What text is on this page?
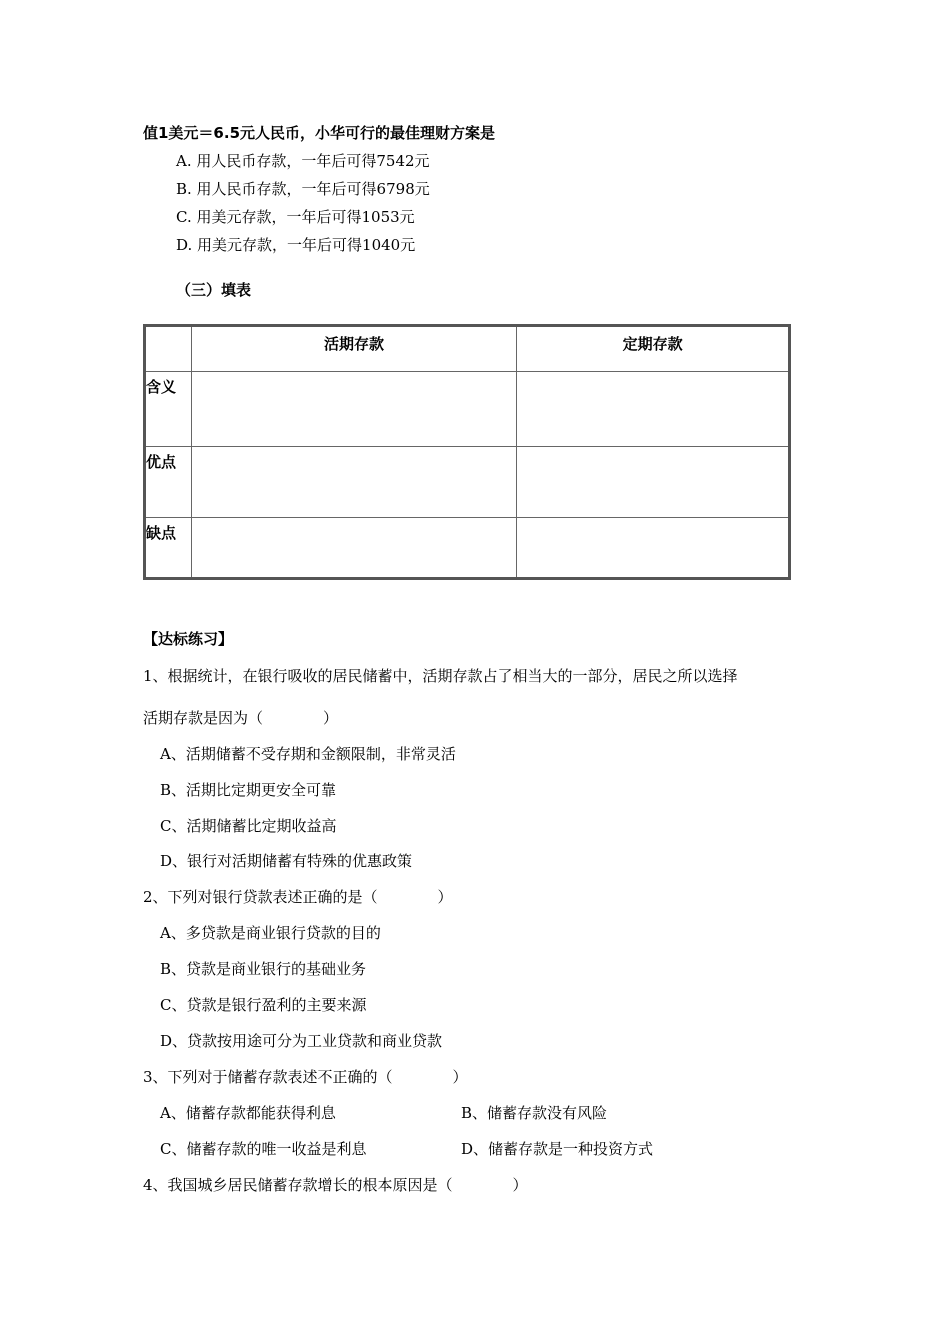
值1美元＝6.5元人民币，小华可行的最佳理财方案是
A. 用人民币存款，一年后可得7542元
B. 用人民币存款，一年后可得6798元
C. 用美元存款，一年后可得1053元
D. 用美元存款，一年后可得1040元
（三）填表
	活期存款	定期存款
含义		
优点		
缺点		
【达标练习】
1、根据统计，在银行吸收的居民储蓄中，活期存款占了相当大的一部分，居民之所以选择
活期存款是因为（　　　　）
A、活期储蓄不受存期和金额限制，非常灵活
B、活期比定期更安全可靠
C、活期储蓄比定期收益高
D、银行对活期储蓄有特殊的优惠政策
2、下列对银行贷款表述正确的是（　　　　）
A、多贷款是商业银行贷款的目的
B、贷款是商业银行的基础业务
C、贷款是银行盈利的主要来源
D、贷款按用途可分为工业贷款和商业贷款
3、下列对于储蓄存款表述不正确的（　　　　）
A、储蓄存款都能获得利息	B、储蓄存款没有风险
C、储蓄存款的唯一收益是利息	D、储蓄存款是一种投资方式
4、我国城乡居民储蓄存款增长的根本原因是（　　　　）
